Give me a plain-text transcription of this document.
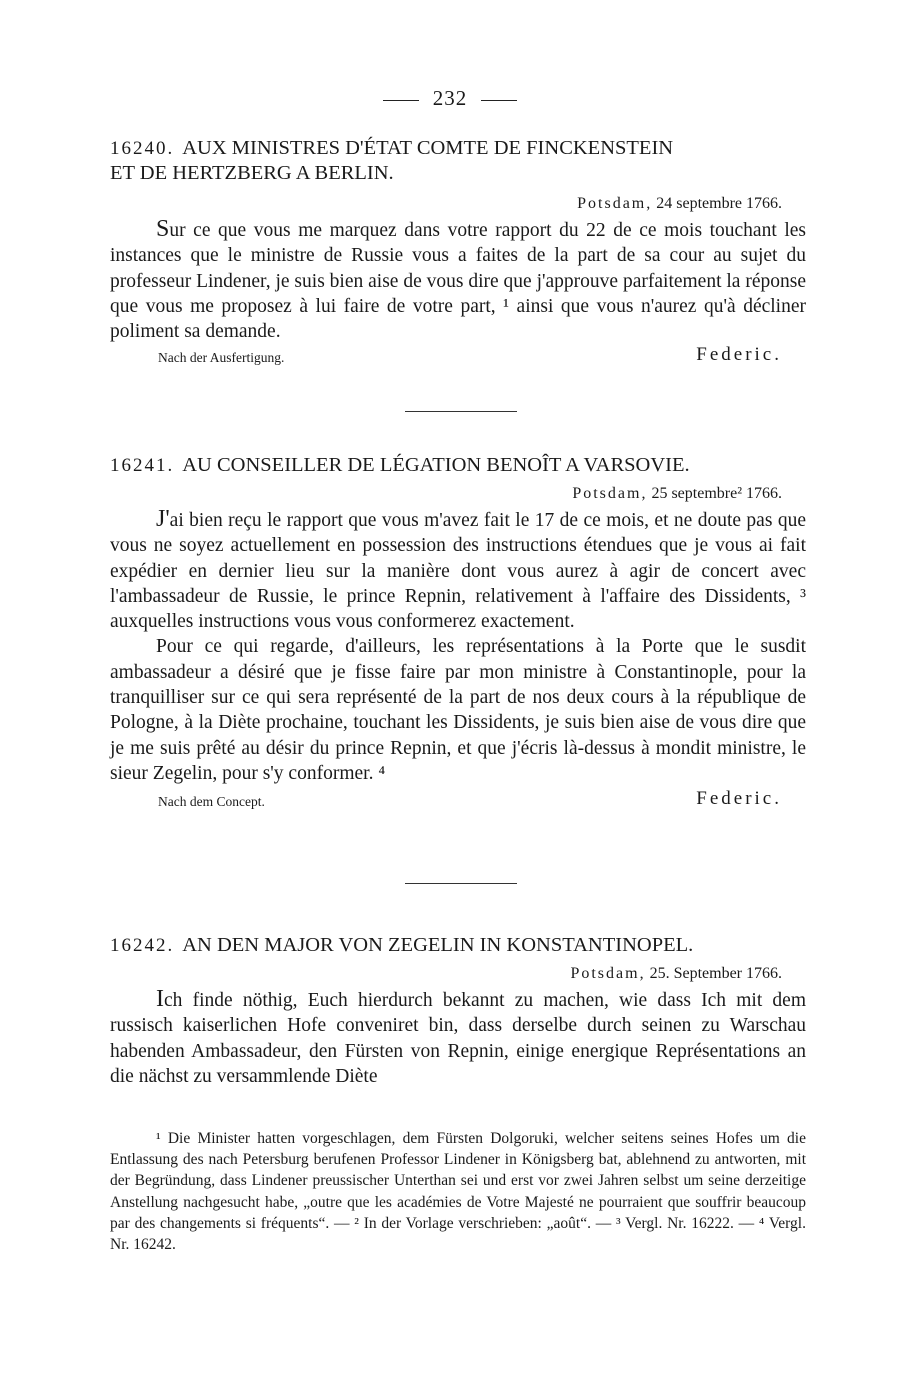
232
16240. AUX MINISTRES D'ÉTAT COMTE DE FINCKENSTEIN
ET DE HERTZBERG A BERLIN.
Potsdam, 24 septembre 1766.

Sur ce que vous me marquez dans votre rapport du 22 de ce mois touchant les instances que le ministre de Russie vous a faites de la part de sa cour au sujet du professeur Lindener, je suis bien aise de vous dire que j'approuve parfaitement la réponse que vous me proposez à lui faire de votre part, ¹ ainsi que vous n'aurez qu'à décliner poliment sa demande.

Nach der Ausfertigung.	Federic.
16241. AU CONSEILLER DE LÉGATION BENOÎT A VARSOVIE.
Potsdam, 25 septembre² 1766.

J'ai bien reçu le rapport que vous m'avez fait le 17 de ce mois, et ne doute pas que vous ne soyez actuellement en possession des instructions étendues que je vous ai fait expédier en dernier lieu sur la manière dont vous aurez à agir de concert avec l'ambassadeur de Russie, le prince Repnin, relativement à l'affaire des Dissidents, ³ auxquelles instructions vous vous conformerez exactement.

Pour ce qui regarde, d'ailleurs, les représentations à la Porte que le susdit ambassadeur a désiré que je fisse faire par mon ministre à Constantinople, pour la tranquilliser sur ce qui sera représenté de la part de nos deux cours à la république de Pologne, à la Diète prochaine, touchant les Dissidents, je suis bien aise de vous dire que je me suis prêté au désir du prince Repnin, et que j'écris là-dessus à mondit ministre, le sieur Zegelin, pour s'y conformer. ⁴

Nach dem Concept.	Federic.
16242. AN DEN MAJOR VON ZEGELIN IN KONSTANTINOPEL.
Potsdam, 25. September 1766.

Ich finde nöthig, Euch hierdurch bekannt zu machen, wie dass Ich mit dem russisch kaiserlichen Hofe conveniret bin, dass derselbe durch seinen zu Warschau habenden Ambassadeur, den Fürsten von Repnin, einige energique Représentations an die nächst zu versammlende Diète

¹ Die Minister hatten vorgeschlagen, dem Fürsten Dolgoruki, welcher seitens seines Hofes um die Entlassung des nach Petersburg berufenen Professor Lindener in Königsberg bat, ablehnend zu antworten, mit der Begründung, dass Lindener preussischer Unterthan sei und erst vor zwei Jahren selbst um seine derzeitige Anstellung nachgesucht habe, „outre que les académies de Votre Majesté ne pourraient que souffrir beaucoup par des changements si fréquents“. — ² In der Vorlage verschrieben: „août“. — ³ Vergl. Nr. 16222. — ⁴ Vergl. Nr. 16242.
